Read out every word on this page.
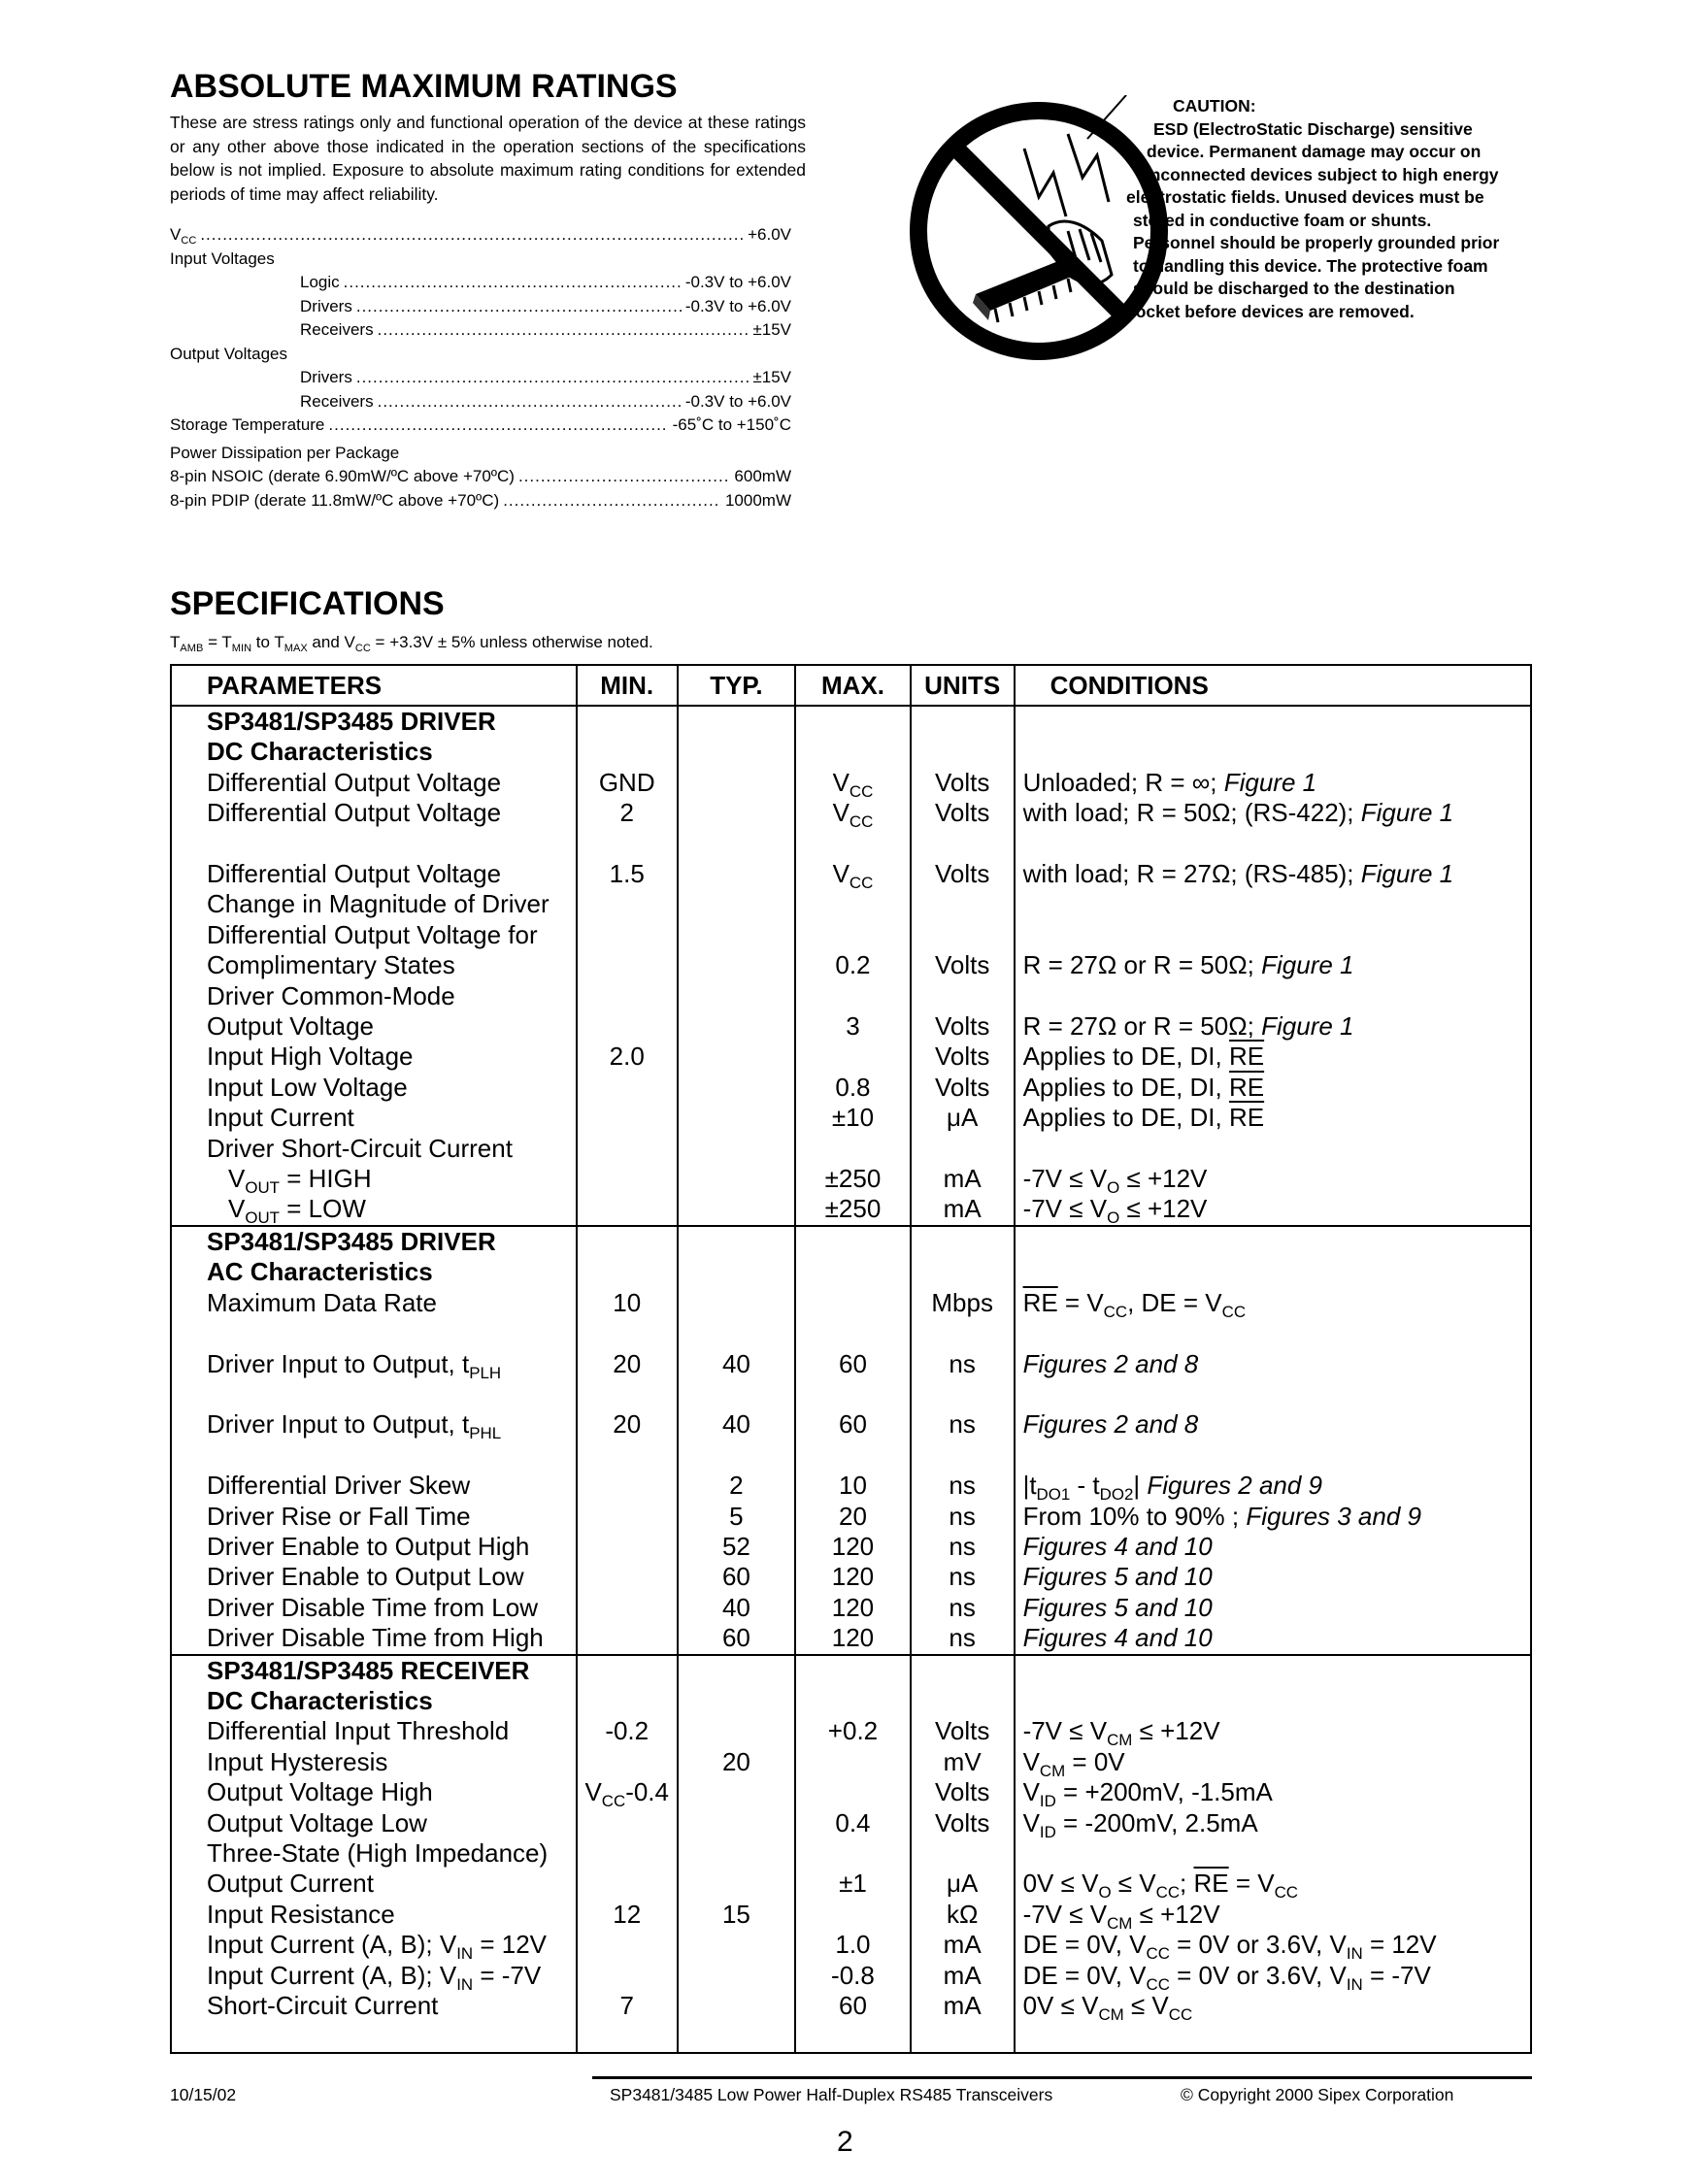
ABSOLUTE MAXIMUM RATINGS
These are stress ratings only and functional operation of the device at these ratings or any other above those indicated in the operation sections of the specifications below is not implied. Exposure to absolute maximum rating conditions for extended periods of time may affect reliability.
$V_{CC}$ .....	+6.0V
Input Voltages
Logic .....	-0.3V to +6.0V
Drivers .....	-0.3V to +6.0V
Receivers .....	±15V
Output Voltages
Drivers .....	±15V
Receivers .....	-0.3V to +6.0V
Storage Temperature .....	-65˚C to +150˚C
Power Dissipation per Package
8-pin NSOIC (derate 6.90mW/ºC above +70ºC) .....	600mW
8-pin PDIP (derate 11.8mW/ºC above +70ºC) .....	1000mW
CAUTION:
ESD (ElectroStatic Discharge) sensitive
device. Permanent damage may occur on
unconnected devices subject to high energy
electrostatic fields. Unused devices must be
stored in conductive foam or shunts.
Personnel should be properly grounded prior
to handling this device. The protective foam
should be discharged to the destination
socket before devices are removed.
SPECIFICATIONS
$T_{AMB} = T_{MIN}$ to $T_{MAX}$ and $V_{CC} = +3.3V \pm 5\%$ unless otherwise noted.
PARAMETERS	MIN.	TYP.	MAX.	UNITS	CONDITIONS
SP3481/SP3485 DRIVER					
DC Characteristics					
Differential Output Voltage	GND		$V_{CC}$	Volts	Unloaded; R = ∞; Figure 1
Differential Output Voltage	2		$V_{CC}$	Volts	with load; R = 50Ω; (RS-422); Figure 1
Differential Output Voltage	1.5		$V_{CC}$	Volts	with load; R = 27Ω; (RS-485); Figure 1
Change in Magnitude of Driver					
Differential Output Voltage for					
Complimentary States			0.2	Volts	R = 27Ω or R = 50Ω; Figure 1
Driver Common-Mode					
Output Voltage			3	Volts	R = 27Ω or R = 50Ω; Figure 1
Input High Voltage	2.0			Volts	Applies to DE, DI, $\overline{RE}$
Input Low Voltage			0.8	Volts	Applies to DE, DI, $\overline{RE}$
Input Current			±10	μA	Applies to DE, DI, $\overline{RE}$
Driver Short-Circuit Current					
$V_{OUT}$ = HIGH			±250	mA	$-7V \le V_O \le +12V$
$V_{OUT}$ = LOW			±250	mA	$-7V \le V_O \le +12V$
SP3481/SP3485 DRIVER					
AC Characteristics					
Maximum Data Rate	10			Mbps	$\overline{RE} = V_{CC}$, DE = $V_{CC}$
Driver Input to Output, $t_{PLH}$	20	40	60	ns	Figures 2 and 8
Driver Input to Output, $t_{PHL}$	20	40	60	ns	Figures 2 and 8
Differential Driver Skew		2	10	ns	$|t_{DO1} - t_{DO2}|$ Figures 2 and 9
Driver Rise or Fall Time		5	20	ns	From 10% to 90% ; Figures 3 and 9
Driver Enable to Output High		52	120	ns	Figures 4 and 10
Driver Enable to Output Low		60	120	ns	Figures 5 and 10
Driver Disable Time from Low		40	120	ns	Figures 5 and 10
Driver Disable Time from High		60	120	ns	Figures 4 and 10
SP3481/SP3485 RECEIVER					
DC Characteristics					
Differential Input Threshold	-0.2		+0.2	Volts	$-7V \le V_{CM} \le +12V$
Input Hysteresis		20		mV	$V_{CM} = 0V$
Output Voltage High	$V_{CC}-0.4$			Volts	$V_{ID} = +200mV$, -1.5mA
Output Voltage Low			0.4	Volts	$V_{ID} = -200mV$, 2.5mA
Three-State (High Impedance)					
Output Current			±1	μA	$0V \le V_O \le V_{CC}$; $\overline{RE} = V_{CC}$
Input Resistance	12	15		kΩ	$-7V \le V_{CM} \le +12V$
Input Current (A, B); $V_{IN} = 12V$			1.0	mA	DE = 0V, $V_{CC} = 0V$ or 3.6V, $V_{IN} = 12V$
Input Current (A, B); $V_{IN} = -7V$			-0.8	mA	DE = 0V, $V_{CC} = 0V$ or 3.6V, $V_{IN} = -7V$
Short-Circuit Current	7		60	mA	$0V \le V_{CM} \le V_{CC}$
10/15/02	SP3481/3485 Low Power Half-Duplex RS485 Transceivers	© Copyright 2000 Sipex Corporation
2
